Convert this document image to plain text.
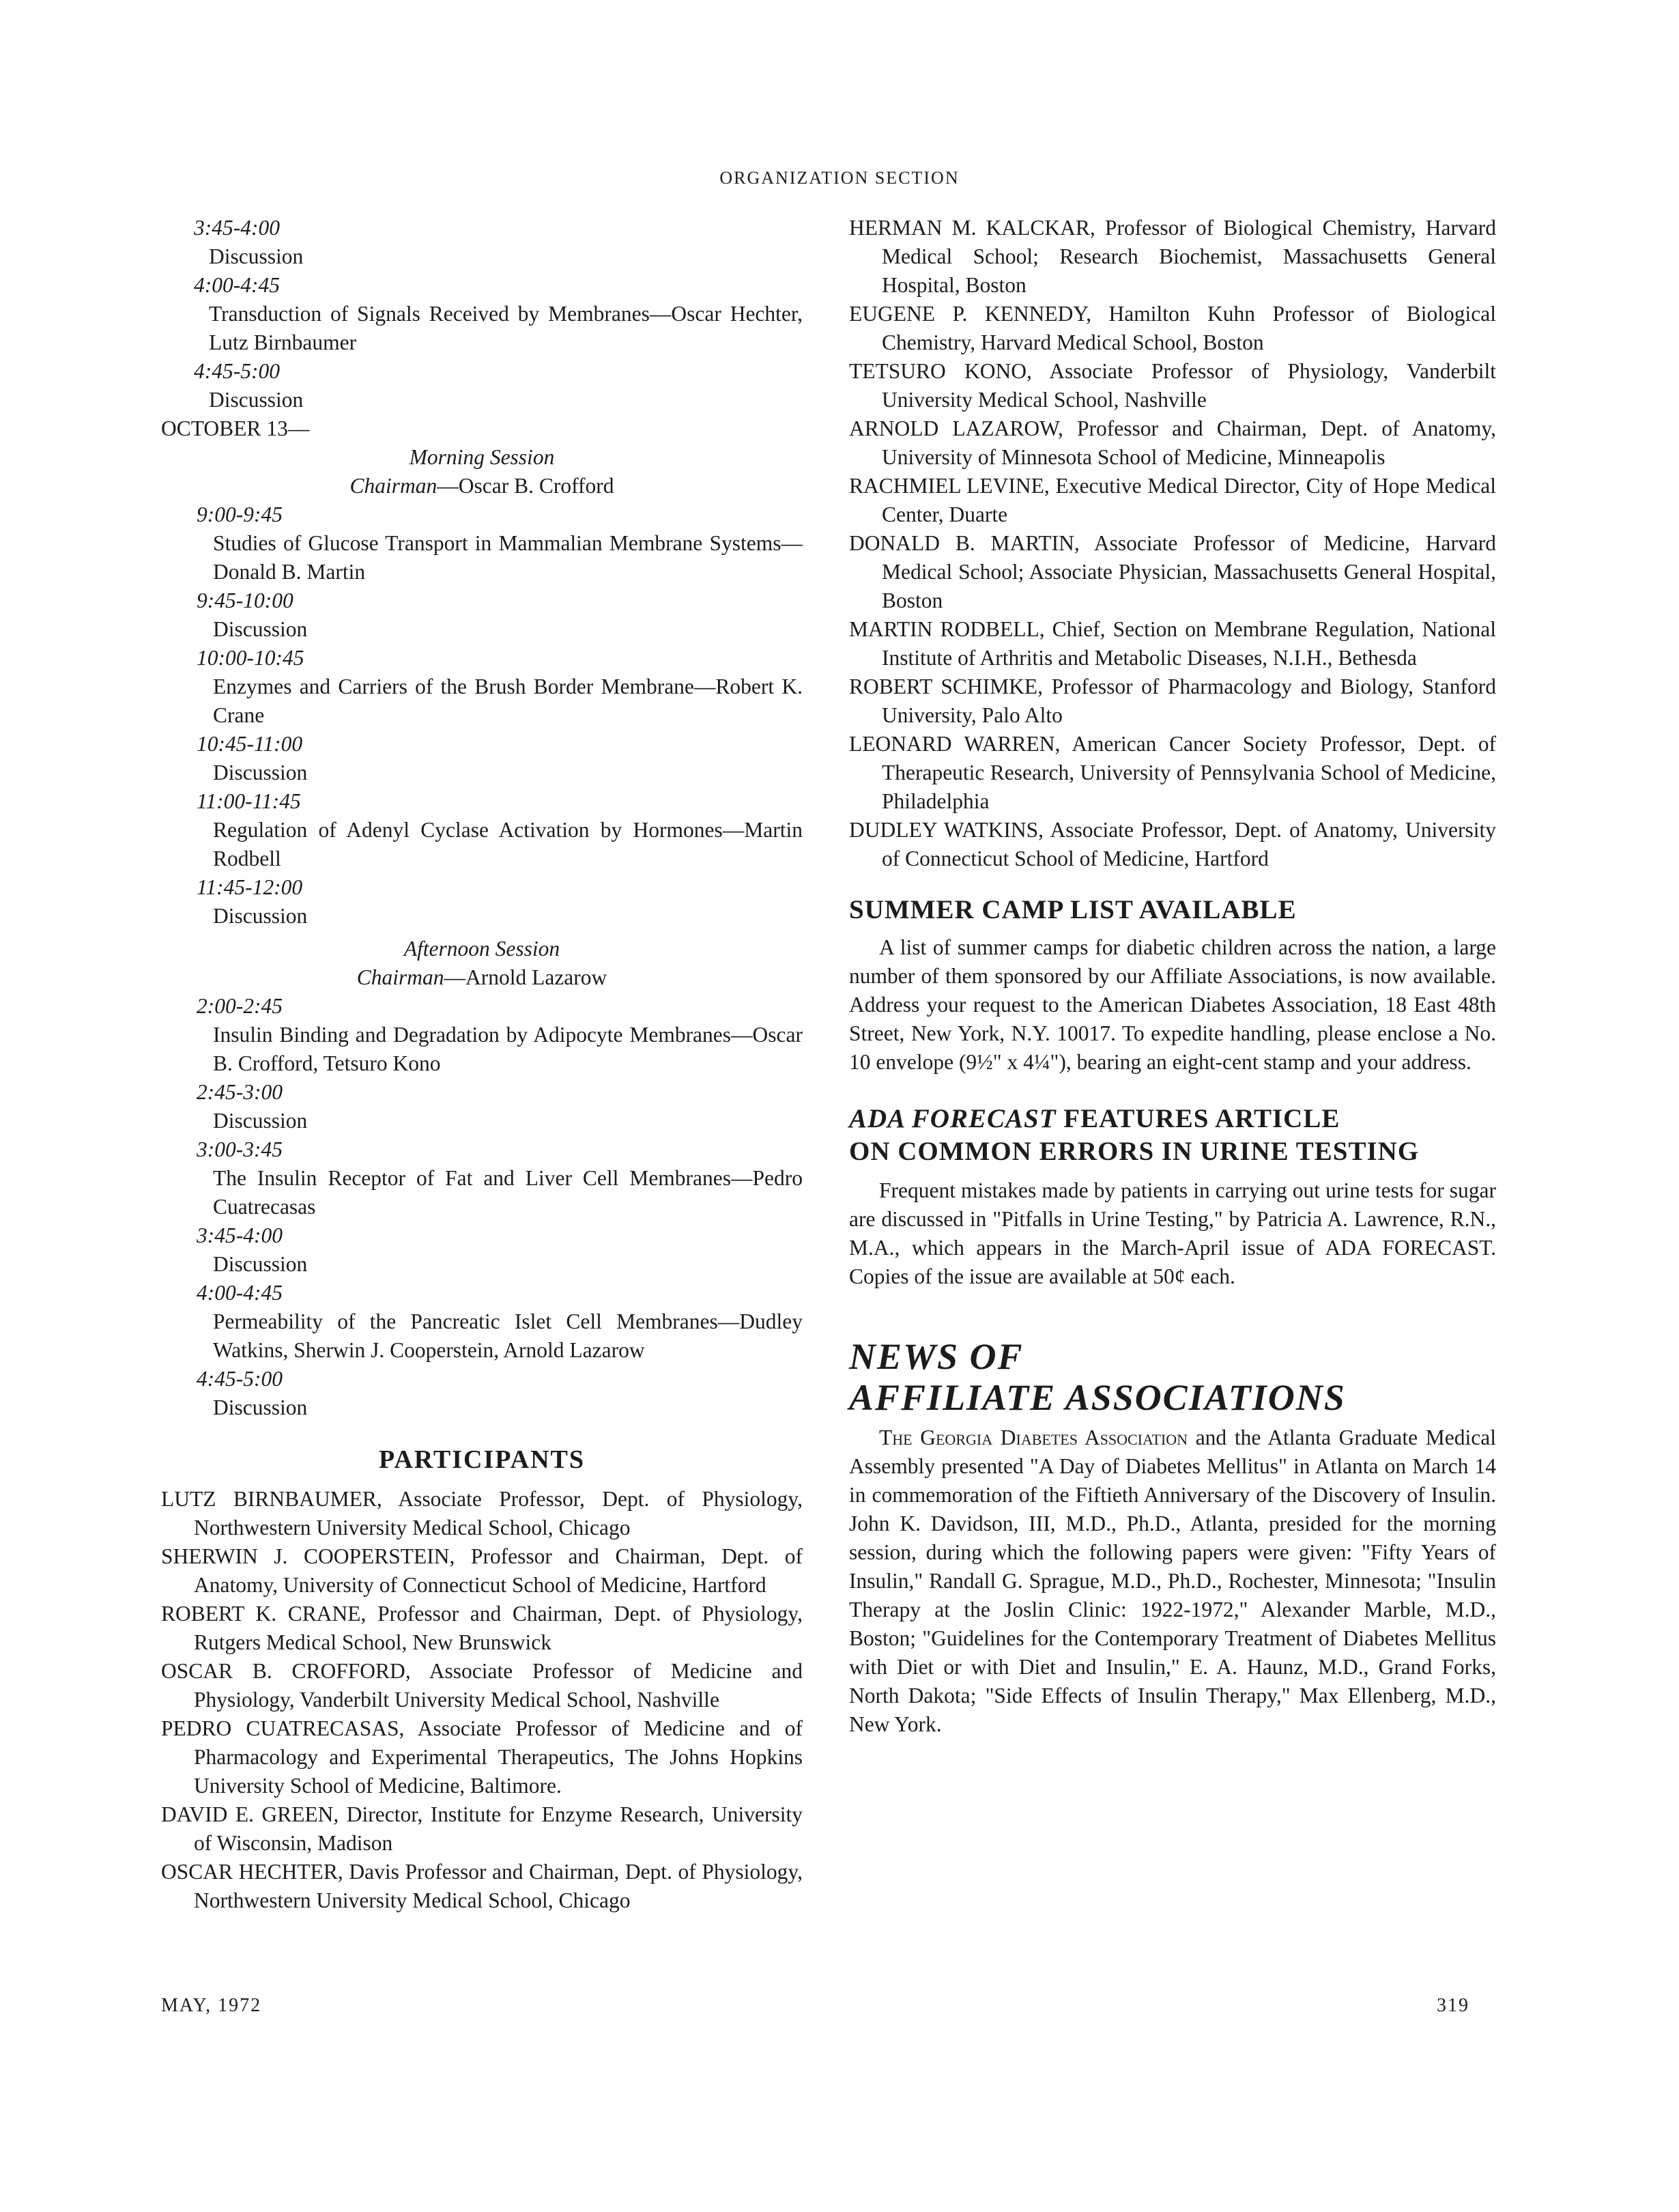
ORGANIZATION SECTION
3:45-4:00
Discussion
4:00-4:45
Transduction of Signals Received by Membranes—Oscar Hechter, Lutz Birnbaumer
4:45-5:00
Discussion
OCTOBER 13—
Morning Session
Chairman—Oscar B. Crofford
9:00-9:45
Studies of Glucose Transport in Mammalian Membrane Systems—Donald B. Martin
9:45-10:00
Discussion
10:00-10:45
Enzymes and Carriers of the Brush Border Membrane—Robert K. Crane
10:45-11:00
Discussion
11:00-11:45
Regulation of Adenyl Cyclase Activation by Hormones—Martin Rodbell
11:45-12:00
Discussion
Afternoon Session
Chairman—Arnold Lazarow
2:00-2:45
Insulin Binding and Degradation by Adipocyte Membranes—Oscar B. Crofford, Tetsuro Kono
2:45-3:00
Discussion
3:00-3:45
The Insulin Receptor of Fat and Liver Cell Membranes—Pedro Cuatrecasas
3:45-4:00
Discussion
4:00-4:45
Permeability of the Pancreatic Islet Cell Membranes—Dudley Watkins, Sherwin J. Cooperstein, Arnold Lazarow
4:45-5:00
Discussion
PARTICIPANTS
LUTZ BIRNBAUMER, Associate Professor, Dept. of Physiology, Northwestern University Medical School, Chicago
SHERWIN J. COOPERSTEIN, Professor and Chairman, Dept. of Anatomy, University of Connecticut School of Medicine, Hartford
ROBERT K. CRANE, Professor and Chairman, Dept. of Physiology, Rutgers Medical School, New Brunswick
OSCAR B. CROFFORD, Associate Professor of Medicine and Physiology, Vanderbilt University Medical School, Nashville
PEDRO CUATRECASAS, Associate Professor of Medicine and of Pharmacology and Experimental Therapeutics, The Johns Hopkins University School of Medicine, Baltimore.
DAVID E. GREEN, Director, Institute for Enzyme Research, University of Wisconsin, Madison
OSCAR HECHTER, Davis Professor and Chairman, Dept. of Physiology, Northwestern University Medical School, Chicago
HERMAN M. KALCKAR, Professor of Biological Chemistry, Harvard Medical School; Research Biochemist, Massachusetts General Hospital, Boston
EUGENE P. KENNEDY, Hamilton Kuhn Professor of Biological Chemistry, Harvard Medical School, Boston
TETSURO KONO, Associate Professor of Physiology, Vanderbilt University Medical School, Nashville
ARNOLD LAZAROW, Professor and Chairman, Dept. of Anatomy, University of Minnesota School of Medicine, Minneapolis
RACHMIEL LEVINE, Executive Medical Director, City of Hope Medical Center, Duarte
DONALD B. MARTIN, Associate Professor of Medicine, Harvard Medical School; Associate Physician, Massachusetts General Hospital, Boston
MARTIN RODBELL, Chief, Section on Membrane Regulation, National Institute of Arthritis and Metabolic Diseases, N.I.H., Bethesda
ROBERT SCHIMKE, Professor of Pharmacology and Biology, Stanford University, Palo Alto
LEONARD WARREN, American Cancer Society Professor, Dept. of Therapeutic Research, University of Pennsylvania School of Medicine, Philadelphia
DUDLEY WATKINS, Associate Professor, Dept. of Anatomy, University of Connecticut School of Medicine, Hartford
SUMMER CAMP LIST AVAILABLE
A list of summer camps for diabetic children across the nation, a large number of them sponsored by our Affiliate Associations, is now available. Address your request to the American Diabetes Association, 18 East 48th Street, New York, N.Y. 10017. To expedite handling, please enclose a No. 10 envelope (9½" x 4¼"), bearing an eight-cent stamp and your address.
ADA FORECAST FEATURES ARTICLE
ON COMMON ERRORS IN URINE TESTING
Frequent mistakes made by patients in carrying out urine tests for sugar are discussed in "Pitfalls in Urine Testing," by Patricia A. Lawrence, R.N., M.A., which appears in the March-April issue of ADA FORECAST. Copies of the issue are available at 50¢ each.
NEWS OF
AFFILIATE ASSOCIATIONS
The Georgia Diabetes Association and the Atlanta Graduate Medical Assembly presented "A Day of Diabetes Mellitus" in Atlanta on March 14 in commemoration of the Fiftieth Anniversary of the Discovery of Insulin. John K. Davidson, III, M.D., Ph.D., Atlanta, presided for the morning session, during which the following papers were given: "Fifty Years of Insulin," Randall G. Sprague, M.D., Ph.D., Rochester, Minnesota; "Insulin Therapy at the Joslin Clinic: 1922-1972," Alexander Marble, M.D., Boston; "Guidelines for the Contemporary Treatment of Diabetes Mellitus with Diet or with Diet and Insulin," E. A. Haunz, M.D., Grand Forks, North Dakota; "Side Effects of Insulin Therapy," Max Ellenberg, M.D., New York.
MAY, 1972	319
